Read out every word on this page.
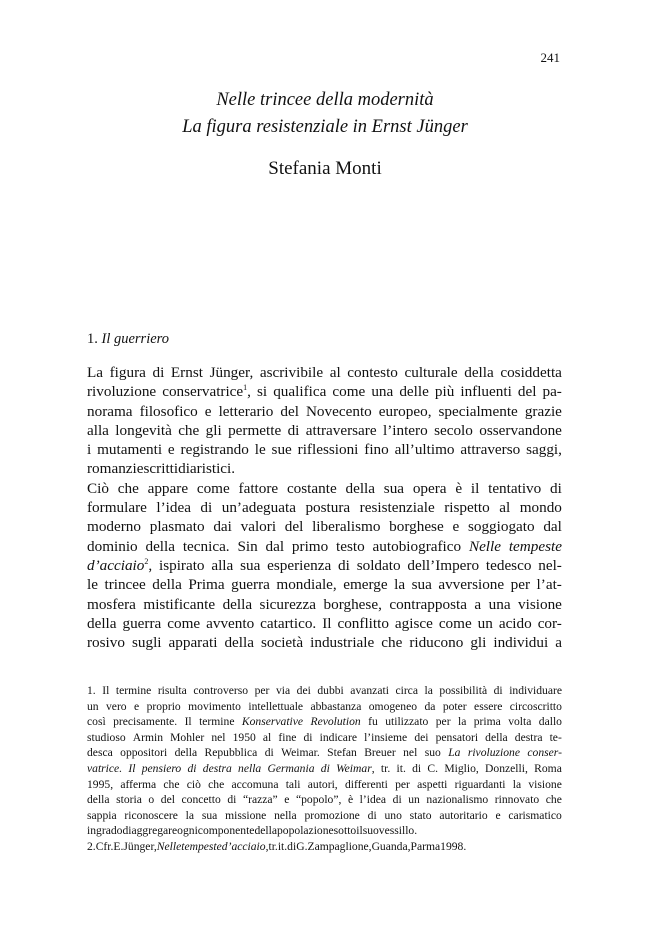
241
Nelle trincee della modernità
La figura resistenziale in Ernst Jünger
Stefania Monti
1. Il guerriero
La figura di Ernst Jünger, ascrivibile al contesto culturale della cosiddetta
rivoluzione conservatrice$^1$, si qualifica come una delle più influenti del pa-
norama filosofico e letterario del Novecento europeo, specialmente grazie
alla longevità che gli permette di attraversare l’intero secolo osservandone
i mutamenti e registrando le sue riflessioni fino all’ultimo attraverso saggi,
romanzi e scritti diaristici.
Ciò che appare come fattore costante della sua opera è il tentativo di
formulare l’idea di un’adeguata postura resistenziale rispetto al mondo
moderno plasmato dai valori del liberalismo borghese e soggiogato dal
dominio della tecnica. Sin dal primo testo autobiografico Nelle tempeste
d’acciaio$^2$, ispirato alla sua esperienza di soldato dell’Impero tedesco nel-
le trincee della Prima guerra mondiale, emerge la sua avversione per l’at-
mosfera mistificante della sicurezza borghese, contrapposta a una visione
della guerra come avvento catartico. Il conflitto agisce come un acido cor-
rosivo sugli apparati della società industriale che riducono gli individui a
1. Il termine risulta controverso per via dei dubbi avanzati circa la possibilità di individuare
un vero e proprio movimento intellettuale abbastanza omogeneo da poter essere circoscritto
così precisamente. Il termine Konservative Revolution fu utilizzato per la prima volta dallo
studioso Armin Mohler nel 1950 al fine di indicare l’insieme dei pensatori della destra te-
desca oppositori della Repubblica di Weimar. Stefan Breuer nel suo La rivoluzione conser-
vatrice. Il pensiero di destra nella Germania di Weimar, tr. it. di C. Miglio, Donzelli, Roma
1995, afferma che ciò che accomuna tali autori, differenti per aspetti riguardanti la visione
della storia o del concetto di “razza” e “popolo”, è l’idea di un nazionalismo rinnovato che
sappia riconoscere la sua missione nella promozione di uno stato autoritario e carismatico
in grado di aggregare ogni componente della popolazione sotto il suo vessillo.
2. Cfr. E. Jünger, Nelle tempeste d’acciaio, tr. it. di G. Zampaglione, Guanda, Parma 1998.
